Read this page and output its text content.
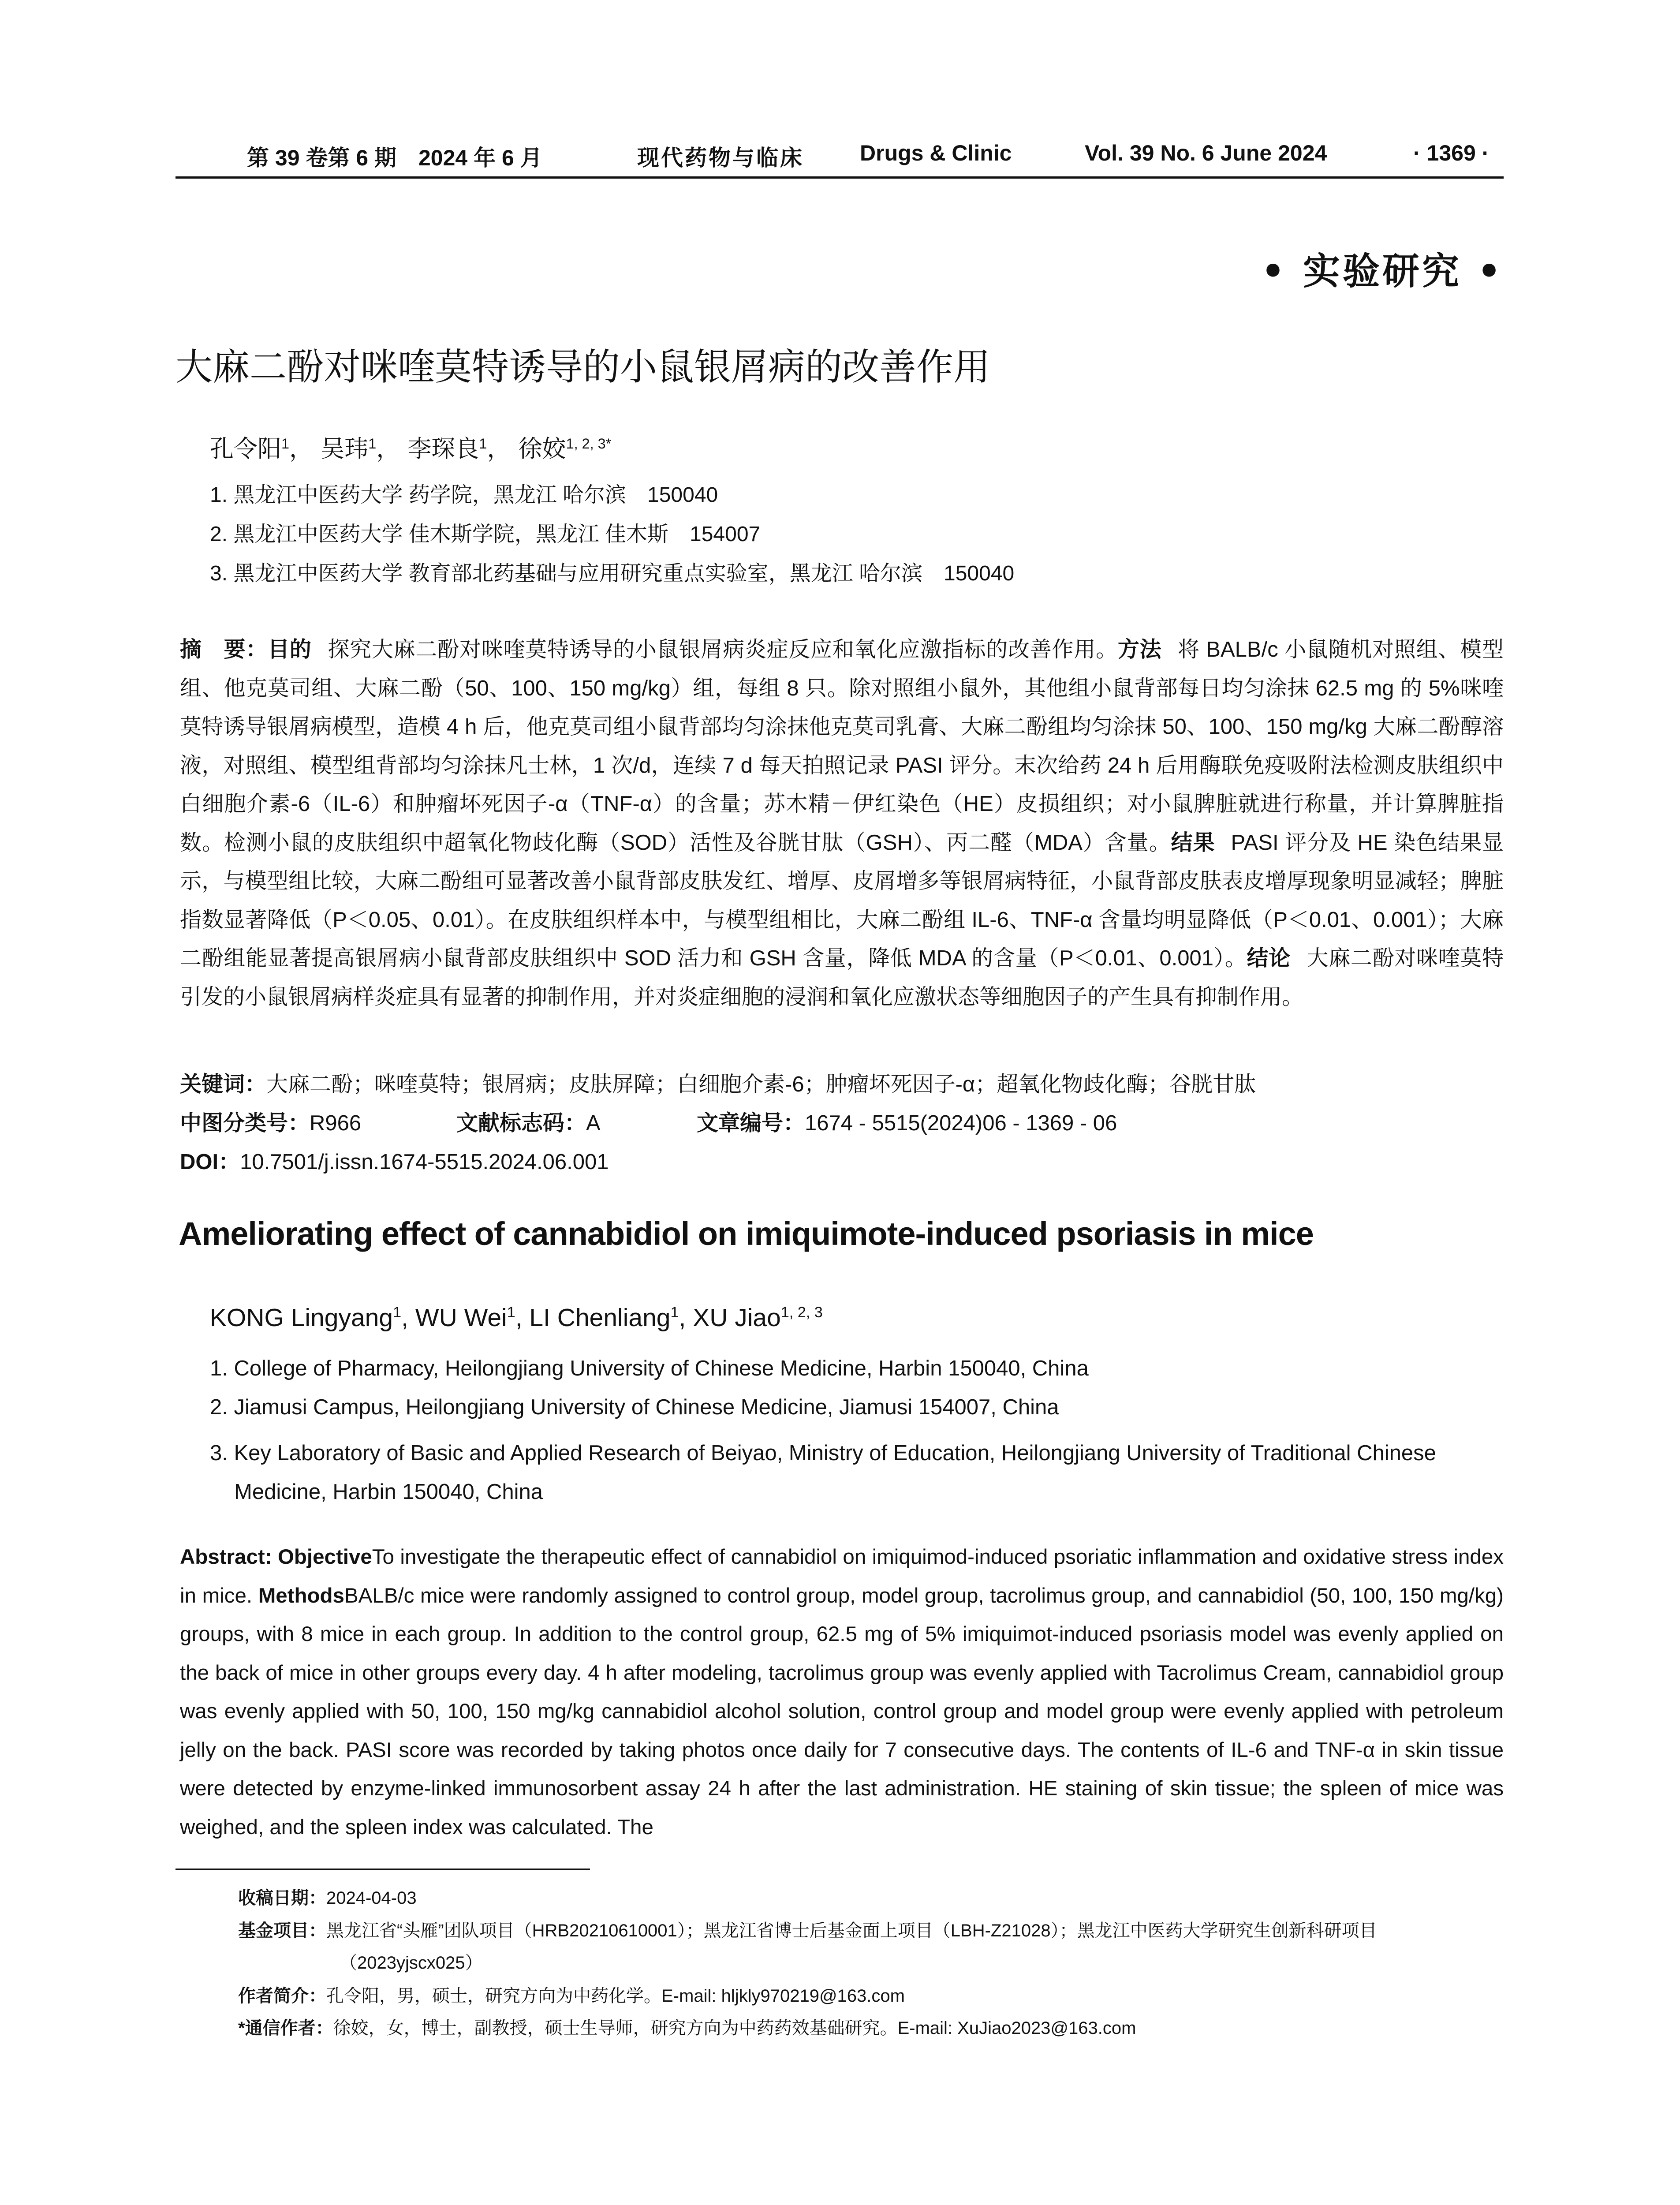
第 39 卷第 6 期　2024 年 6 月	现代药物与临床	Drugs & Clinic	Vol. 39 No. 6 June 2024	· 1369 ·
• 实验研究 •
大麻二酚对咪喹莫特诱导的小鼠银屑病的改善作用
孔令阳$^1$， 吴玮$^1$， 李琛良$^1$， 徐姣$^{1, 2, 3*}$
1. 黑龙江中医药大学 药学院，黑龙江 哈尔滨　150040
2. 黑龙江中医药大学 佳木斯学院，黑龙江 佳木斯　154007
3. 黑龙江中医药大学 教育部北药基础与应用研究重点实验室，黑龙江 哈尔滨　150040
摘　要：目的 探究大麻二酚对咪喹莫特诱导的小鼠银屑病炎症反应和氧化应激指标的改善作用。方法 将 BALB/c 小鼠随机对照组、模型组、他克莫司组、大麻二酚（50、100、150 mg/kg）组，每组 8 只。除对照组小鼠外，其他组小鼠背部每日均匀涂抹 62.5 mg 的 5%咪喹莫特诱导银屑病模型，造模 4 h 后，他克莫司组小鼠背部均匀涂抹他克莫司乳膏、大麻二酚组均匀涂抹 50、100、150 mg/kg 大麻二酚醇溶液，对照组、模型组背部均匀涂抹凡士林，1 次/d，连续 7 d 每天拍照记录 PASI 评分。末次给药 24 h 后用酶联免疫吸附法检测皮肤组织中白细胞介素-6（IL-6）和肿瘤坏死因子-α（TNF-α）的含量；苏木精－伊红染色（HE）皮损组织；对小鼠脾脏就进行称量，并计算脾脏指数。检测小鼠的皮肤组织中超氧化物歧化酶（SOD）活性及谷胱甘肽（GSH）、丙二醛（MDA）含量。结果 PASI 评分及 HE 染色结果显示，与模型组比较，大麻二酚组可显著改善小鼠背部皮肤发红、增厚、皮屑增多等银屑病特征，小鼠背部皮肤表皮增厚现象明显减轻；脾脏指数显著降低（P＜0.05、0.01）。在皮肤组织样本中，与模型组相比，大麻二酚组 IL-6、TNF-α 含量均明显降低（P＜0.01、0.001）；大麻二酚组能显著提高银屑病小鼠背部皮肤组织中 SOD 活力和 GSH 含量，降低 MDA 的含量（P＜0.01、0.001）。结论 大麻二酚对咪喹莫特引发的小鼠银屑病样炎症具有显著的抑制作用，并对炎症细胞的浸润和氧化应激状态等细胞因子的产生具有抑制作用。
关键词：大麻二酚；咪喹莫特；银屑病；皮肤屏障；白细胞介素-6；肿瘤坏死因子-α；超氧化物歧化酶；谷胱甘肽
中图分类号：R966	文献标志码：A	文章编号：1674 - 5515(2024)06 - 1369 - 06
DOI：10.7501/j.issn.1674-5515.2024.06.001
Ameliorating effect of cannabidiol on imiquimote-induced psoriasis in mice
KONG Lingyang$^1$, WU Wei$^1$, LI Chenliang$^1$, XU Jiao$^{1, 2, 3}$
1. College of Pharmacy, Heilongjiang University of Chinese Medicine, Harbin 150040, China
2. Jiamusi Campus, Heilongjiang University of Chinese Medicine, Jiamusi 154007, China
3. Key Laboratory of Basic and Applied Research of Beiyao, Ministry of Education, Heilongjiang University of Traditional Chinese Medicine, Harbin 150040, China
Abstract: ObjectiveTo investigate the therapeutic effect of cannabidiol on imiquimod-induced psoriatic inflammation and oxidative stress index in mice. MethodsBALB/c mice were randomly assigned to control group, model group, tacrolimus group, and cannabidiol (50, 100, 150 mg/kg) groups, with 8 mice in each group. In addition to the control group, 62.5 mg of 5% imiquimot-induced psoriasis model was evenly applied on the back of mice in other groups every day. 4 h after modeling, tacrolimus group was evenly applied with Tacrolimus Cream, cannabidiol group was evenly applied with 50, 100, 150 mg/kg cannabidiol alcohol solution, control group and model group were evenly applied with petroleum jelly on the back. PASI score was recorded by taking photos once daily for 7 consecutive days. The contents of IL-6 and TNF-α in skin tissue were detected by enzyme-linked immunosorbent assay 24 h after the last administration. HE staining of skin tissue; the spleen of mice was weighed, and the spleen index was calculated. The
收稿日期：2024-04-03
基金项目：黑龙江省“头雁”团队项目（HRB20210610001）；黑龙江省博士后基金面上项目（LBH-Z21028）；黑龙江中医药大学研究生创新科研项目（2023yjscx025）
作者简介：孔令阳，男，硕士，研究方向为中药化学。E-mail: hljkly970219@163.com
*通信作者：徐姣，女，博士，副教授，硕士生导师，研究方向为中药药效基础研究。E-mail: XuJiao2023@163.com
